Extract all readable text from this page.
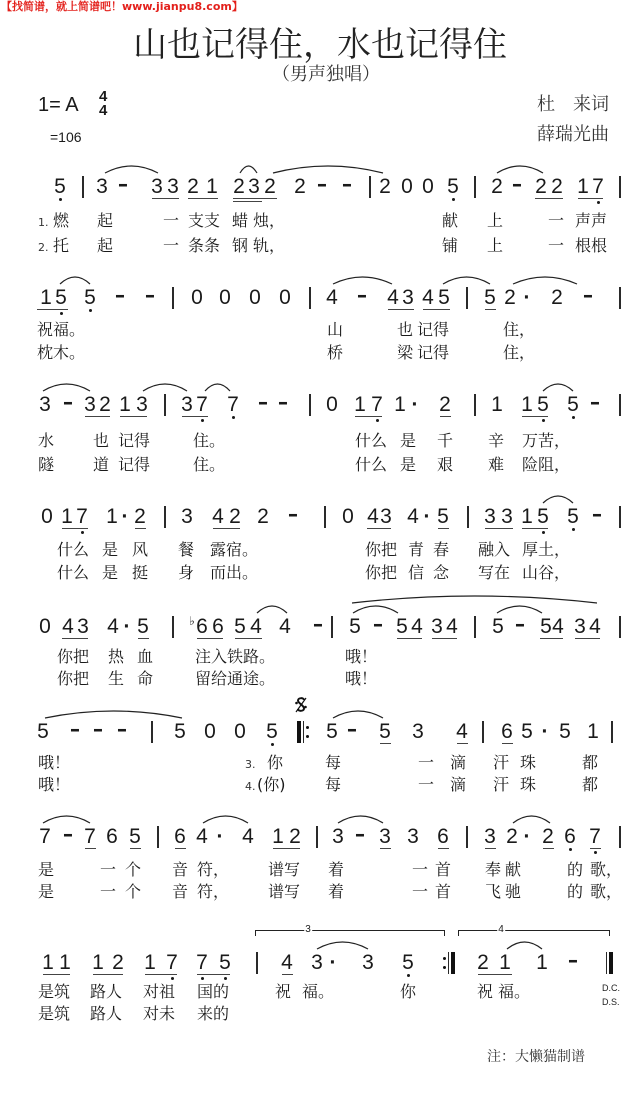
【找简谱，就上简谱吧！www.jianpu8.com】
山也记得住，水也记得住
（男声独唱）
1= A 4
4
=106
杜　来词
薛瑞光曲
5 3 - 3 3 2 1 2 3 2 2 - - 2 0 0 5 2 - 2 2 1 7
1. 燃 起	一 支支 蜡 烛，	献 上	一 声声
2. 托 起	一 条条 钢 轨，	铺 上	一 根根
1 5 5 - - 0 0 0 0 4 - 4 3 4 5 5 2 · 2 -
祝福。	山	也 记得	住，
枕木。	桥	梁 记得	住，
3 - 3 2 1 3 3 7 7 - - 0 1 7 1 · 2 1 1 5 5 -
水 也 记得	住。	什么 是 千 辛 万苦，
隧 道 记得	住。	什么 是 艰 难 险阻，
0 1 7 1 · 2 3 4 2 2 - 0 4 3 4 · 5 3 3 1 5 5 -
什么 是 风 餐 露宿。	你把 青 春 融入 厚土，
什么 是 挺 身 而出。	你把 信 念 写在 山谷，
0 4 3 4 · 5	♭ 6 6 5 4 4 - 5 - 5 4 3 4 5 - 5 4 3 4
你把 热 血	注入铁路。	哦！
你把 生 命	留给通途。	哦！
5 - - - 5 0 0 5 5 - 5 3 4 6 5 · 5 1
哦！	3. 你	每	一 滴 汗 珠	都
哦！	4. (你) 每	一 滴 汗 珠	都
7 - 7 6 5 6 4 · 4 1 2 3 - 3 3 6 3 2 · 2 6 7
是	一 个 音 符， 谱写 着	一 首 奉 献	的 歌，
是	一 个 音 符， 谱写 着	一 首 飞 驰	的 歌，
1 1 1 2 1 7 7 5 4 3 · 3 5	2 1 1 -
3	4
D.C.
D.S.
是筑 路人 对祖 国的	祝 福。	你	祝 福。
是筑 路人 对未 来的
注：大懒猫制谱
